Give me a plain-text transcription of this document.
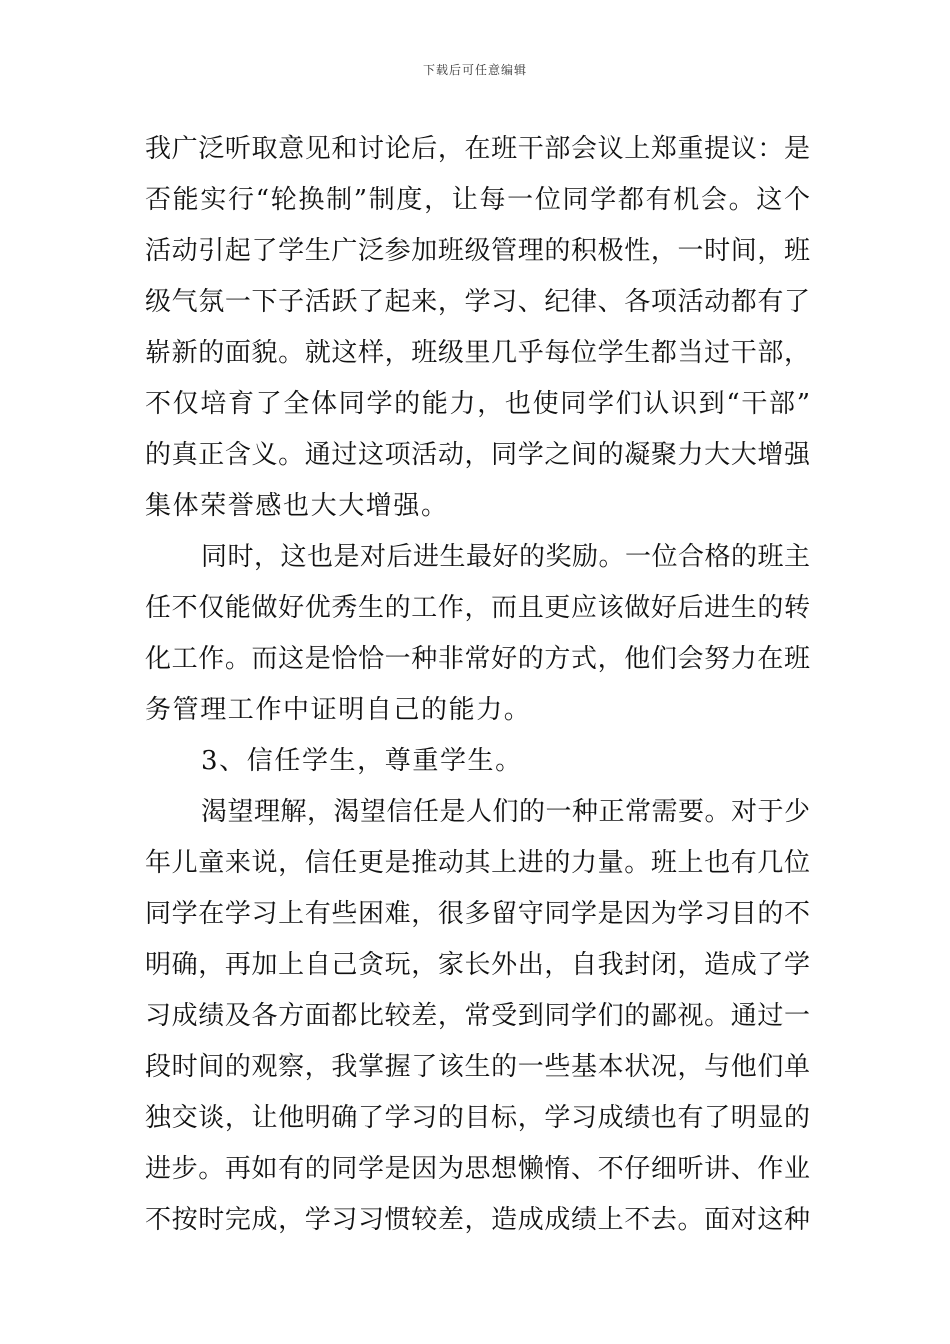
下载后可任意编辑
我广泛听取意见和讨论后，在班干部会议上郑重提议：是
否能实行“轮换制”制度，让每一位同学都有机会。这个
活动引起了学生广泛参加班级管理的积极性，一时间，班
级气氛一下子活跃了起来，学习、纪律、各项活动都有了
崭新的面貌。就这样，班级里几乎每位学生都当过干部，
不仅培育了全体同学的能力，也使同学们认识到“干部”
的真正含义。通过这项活动，同学之间的凝聚力大大增强
集体荣誉感也大大增强。
同时，这也是对后进生最好的奖励。一位合格的班主
任不仅能做好优秀生的工作，而且更应该做好后进生的转
化工作。而这是恰恰一种非常好的方式，他们会努力在班
务管理工作中证明自己的能力。
3、信任学生，尊重学生。
渴望理解，渴望信任是人们的一种正常需要。对于少
年儿童来说，信任更是推动其上进的力量。班上也有几位
同学在学习上有些困难，很多留守同学是因为学习目的不
明确，再加上自己贪玩，家长外出，自我封闭，造成了学
习成绩及各方面都比较差，常受到同学们的鄙视。通过一
段时间的观察，我掌握了该生的一些基本状况，与他们单
独交谈，让他明确了学习的目标，学习成绩也有了明显的
进步。再如有的同学是因为思想懒惰、不仔细听讲、作业
不按时完成，学习习惯较差，造成成绩上不去。面对这种
